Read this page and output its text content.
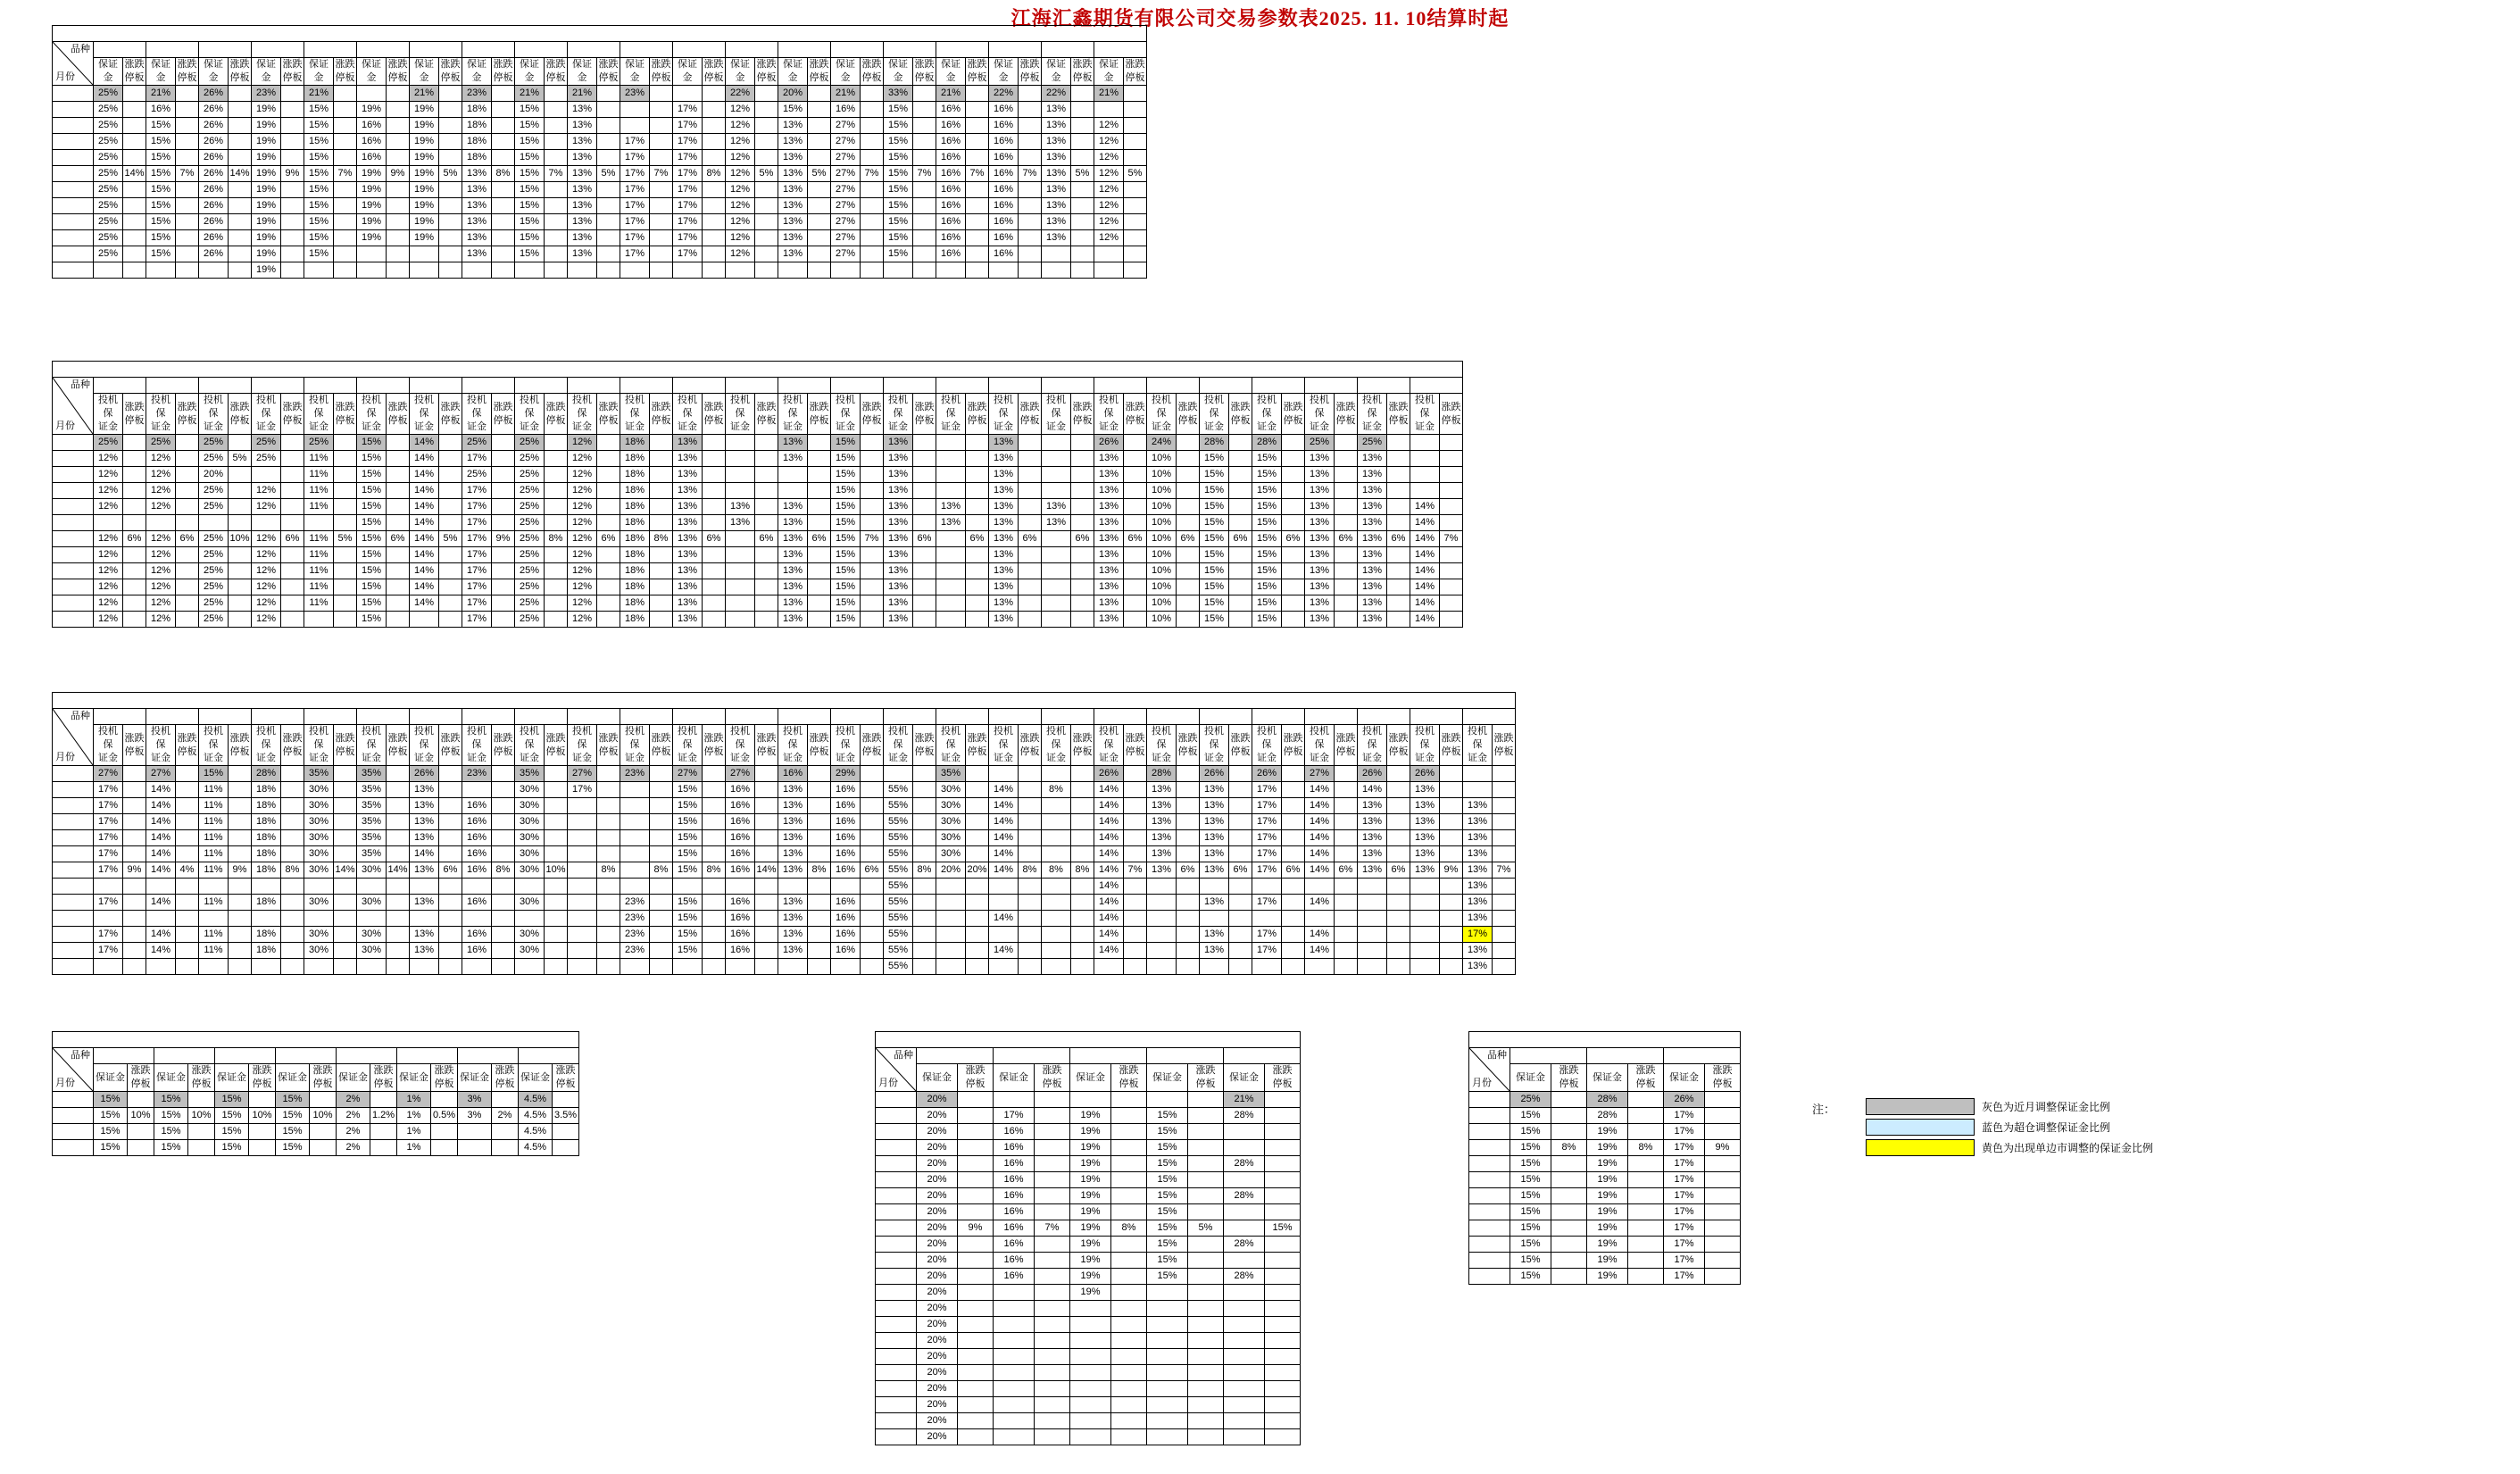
江海汇鑫期货有限公司交易参数表2025. 11. 10结算时起

品种
月份																																								

	保证金	涨跌
停板	保证金	涨跌
停板	保证金	涨跌
停板	保证金	涨跌
停板	保证金	涨跌
停板	保证金	涨跌
停板	保证金	涨跌
停板	保证金	涨跌
停板	保证金	涨跌
停板	保证金	涨跌
停板	保证金	涨跌
停板	保证金	涨跌
停板	保证金	涨跌
停板	保证金	涨跌
停板	保证金	涨跌
停板	保证金	涨跌
停板	保证金	涨跌
停板	保证金	涨跌
停板	保证金	涨跌
停板	保证金	涨跌
停板
	25%		21%		26%		23%		21%				21%		23%		21%		21%		23%				22%		20%		21%		33%		21%		22%		22%		21%	
	25%		16%		26%		19%		15%		19%		19%		18%		15%		13%				17%		12%		15%		16%		15%		16%		16%		13%			
	25%		15%		26%		19%		15%		16%		19%		18%		15%		13%				17%		12%		13%		27%		15%		16%		16%		13%		12%	
	25%		15%		26%		19%		15%		16%		19%		18%		15%		13%		17%		17%		12%		13%		27%		15%		16%		16%		13%		12%	
	25%		15%		26%		19%		15%		16%		19%		18%		15%		13%		17%		17%		12%		13%		27%		15%		16%		16%		13%		12%	
	25%	14%	15%	7%	26%	14%	19%	9%	15%	7%	19%	9%	19%	5%	13%	8%	15%	7%	13%	5%	17%	7%	17%	8%	12%	5%	13%	5%	27%	7%	15%	7%	16%	7%	16%	7%	13%	5%	12%	5%
	25%		15%		26%		19%		15%		19%		19%		13%		15%		13%		17%		17%		12%		13%		27%		15%		16%		16%		13%		12%	
	25%		15%		26%		19%		15%		19%		19%		13%		15%		13%		17%		17%		12%		13%		27%		15%		16%		16%		13%		12%	
	25%		15%		26%		19%		15%		19%		19%		13%		15%		13%		17%		17%		12%		13%		27%		15%		16%		16%		13%		12%	
	25%		15%		26%		19%		15%		19%		19%		13%		15%		13%		17%		17%		12%		13%		27%		15%		16%		16%		13%		12%	
	25%		15%		26%		19%		15%						13%		15%		13%		17%		17%		12%		13%		27%		15%		16%		16%					
							19%																																	

品种
月份																																																				

	投机保
证金	涨跌
停板	投机保
证金	涨跌
停板	投机保
证金	涨跌
停板	投机保
证金	涨跌
停板	投机保
证金	涨跌
停板	投机保
证金	涨跌
停板	投机保
证金	涨跌
停板	投机保
证金	涨跌
停板	投机保
证金	涨跌
停板	投机保
证金	涨跌
停板	投机保
证金	涨跌
停板	投机保
证金	涨跌
停板	投机保
证金	涨跌
停板	投机保
证金	涨跌
停板	投机保
证金	涨跌
停板	投机保
证金	涨跌
停板	投机保
证金	涨跌
停板	投机保
证金	涨跌
停板	投机保
证金	涨跌
停板	投机保
证金	涨跌
停板	投机保
证金	涨跌
停板	投机保
证金	涨跌
停板	投机保
证金	涨跌
停板	投机保
证金	涨跌
停板	投机保
证金	涨跌
停板	投机保
证金	涨跌
停板
	25%		25%		25%		25%		25%		15%		14%		25%		25%		12%		18%		13%				13%		15%		13%				13%				26%		24%		28%		28%		25%		25%			
	12%		12%		25%	5%	25%		11%		15%		14%		17%		25%		12%		18%		13%				13%		15%		13%				13%				13%		10%		15%		15%		13%		13%			
	12%		12%		20%				11%		15%		14%		25%		25%		12%		18%		13%						15%		13%				13%				13%		10%		15%		15%		13%		13%			
	12%		12%		25%		12%		11%		15%		14%		17%		25%		12%		18%		13%						15%		13%				13%				13%		10%		15%		15%		13%		13%			
	12%		12%		25%		12%		11%		15%		14%		17%		25%		12%		18%		13%		13%		13%		15%		13%		13%		13%		13%		13%		10%		15%		15%		13%		13%		14%	
											15%		14%		17%		25%		12%		18%		13%		13%		13%		15%		13%		13%		13%		13%		13%		10%		15%		15%		13%		13%		14%	
	12%	6%	12%	6%	25%	10%	12%	6%	11%	5%	15%	6%	14%	5%	17%	9%	25%	8%	12%	6%	18%	8%	13%	6%		6%	13%	6%	15%	7%	13%	6%		6%	13%	6%		6%	13%	6%	10%	6%	15%	6%	15%	6%	13%	6%	13%	6%	14%	7%
	12%		12%		25%		12%		11%		15%		14%		17%		25%		12%		18%		13%				13%		15%		13%				13%				13%		10%		15%		15%		13%		13%		14%	
	12%		12%		25%		12%		11%		15%		14%		17%		25%		12%		18%		13%				13%		15%		13%				13%				13%		10%		15%		15%		13%		13%		14%	
	12%		12%		25%		12%		11%		15%		14%		17%		25%		12%		18%		13%				13%		15%		13%				13%				13%		10%		15%		15%		13%		13%		14%	
	12%		12%		25%		12%		11%		15%		14%		17%		25%		12%		18%		13%				13%		15%		13%				13%				13%		10%		15%		15%		13%		13%		14%	
	12%		12%		25%		12%				15%				17%		25%		12%		18%		13%				13%		15%		13%				13%				13%		10%		15%		15%		13%		13%		14%	

品种
月份																																																						

	投机保
证金	涨跌
停板	投机保
证金	涨跌
停板	投机保
证金	涨跌
停板	投机保
证金	涨跌
停板	投机保
证金	涨跌
停板	投机保
证金	涨跌
停板	投机保
证金	涨跌
停板	投机保
证金	涨跌
停板	投机保
证金	涨跌
停板	投机保
证金	涨跌
停板	投机保
证金	涨跌
停板	投机保
证金	涨跌
停板	投机保
证金	涨跌
停板	投机保
证金	涨跌
停板	投机保
证金	涨跌
停板	投机保
证金	涨跌
停板	投机保
证金	涨跌
停板	投机保
证金	涨跌
停板	投机保
证金	涨跌
停板	投机保
证金	涨跌
停板	投机保
证金	涨跌
停板	投机保
证金	涨跌
停板	投机保
证金	涨跌
停板	投机保
证金	涨跌
停板	投机保
证金	涨跌
停板	投机保
证金	涨跌
停板	投机保
证金	涨跌
停板
	27%		27%		15%		28%		35%		35%		26%		23%		35%		27%		23%		27%		27%		16%		29%				35%						26%		28%		26%		26%		27%		26%		26%			
	17%		14%		11%		18%		30%		35%		13%				30%		17%				15%		16%		13%		16%		55%		30%		14%		8%		14%		13%		13%		17%		14%		14%		13%			
	17%		14%		11%		18%		30%		35%		13%		16%		30%						15%		16%		13%		16%		55%		30%		14%				14%		13%		13%		17%		14%		13%		13%		13%	
	17%		14%		11%		18%		30%		35%		13%		16%		30%						15%		16%		13%		16%		55%		30%		14%				14%		13%		13%		17%		14%		13%		13%		13%	
	17%		14%		11%		18%		30%		35%		13%		16%		30%						15%		16%		13%		16%		55%		30%		14%				14%		13%		13%		17%		14%		13%		13%		13%	
	17%		14%		11%		18%		30%		35%		14%		16%		30%						15%		16%		13%		16%		55%		30%		14%				14%		13%		13%		17%		14%		13%		13%		13%	
	17%	9%	14%	4%	11%	9%	18%	8%	30%	14%	30%	14%	13%	6%	16%	8%	30%	10%		8%		8%	15%	8%	16%	14%	13%	8%	16%	6%	55%	8%	20%	20%	14%	8%	8%	8%	14%	7%	13%	6%	13%	6%	17%	6%	14%	6%	13%	6%	13%	9%	13%	7%
																															55%								14%														13%	
	17%		14%		11%		18%		30%		30%		13%		16%		30%				23%		15%		16%		13%		16%		55%								14%				13%		17%		14%						13%	
																					23%		15%		16%		13%		16%		55%				14%				14%														13%	
	17%		14%		11%		18%		30%		30%		13%		16%		30%				23%		15%		16%		13%		16%		55%								14%				13%		17%		14%						17%	
	17%		14%		11%		18%		30%		30%		13%		16%		30%				23%		15%		16%		13%		16%		55%				14%				14%				13%		17%		14%						13%	
																															55%																						13%	

品种
月份																

	保证金	涨跌
停板	保证金	涨跌
停板	保证金	涨跌
停板	保证金	涨跌
停板	保证金	涨跌
停板	保证金	涨跌
停板	保证金	涨跌
停板	保证金	涨跌
停板
	15%		15%		15%		15%		2%		1%		3%		4.5%	
	15%	10%	15%	10%	15%	10%	15%	10%	2%	1.2%	1%	0.5%	3%	2%	4.5%	3.5%
	15%		15%		15%		15%		2%		1%				4.5%	
	15%		15%		15%		15%		2%		1%				4.5%	

品种
月份										

	保证金	涨跌
停板	保证金	涨跌
停板	保证金	涨跌
停板	保证金	涨跌
停板	保证金	涨跌
停板
	20%								21%	
	20%		17%		19%		15%		28%	
	20%		16%		19%		15%			
	20%		16%		19%		15%			
	20%		16%		19%		15%		28%	
	20%		16%		19%		15%			
	20%		16%		19%		15%		28%	
	20%		16%		19%		15%			
	20%	9%	16%	7%	19%	8%	15%	5%		15%
	20%		16%		19%		15%		28%	
	20%		16%		19%		15%			
	20%		16%		19%		15%		28%	
	20%				19%					
	20%									
	20%									
	20%									
	20%									
	20%									
	20%									
	20%									
	20%									
	20%									

品种
月份						

	保证金	涨跌
停板	保证金	涨跌
停板	保证金	涨跌
停板
	25%		28%		26%	
	15%		28%		17%	
	15%		19%		17%	
	15%	8%	19%	8%	17%	9%
	15%		19%		17%	
	15%		19%		17%	
	15%		19%		17%	
	15%		19%		17%	
	15%		19%		17%	
	15%		19%		17%	
	15%		19%		17%	
	15%		19%		17%	
注：	灰色为近月调整保证金比例
蓝色为超仓调整保证金比例
黄色为出现单边市调整的保证金比例
